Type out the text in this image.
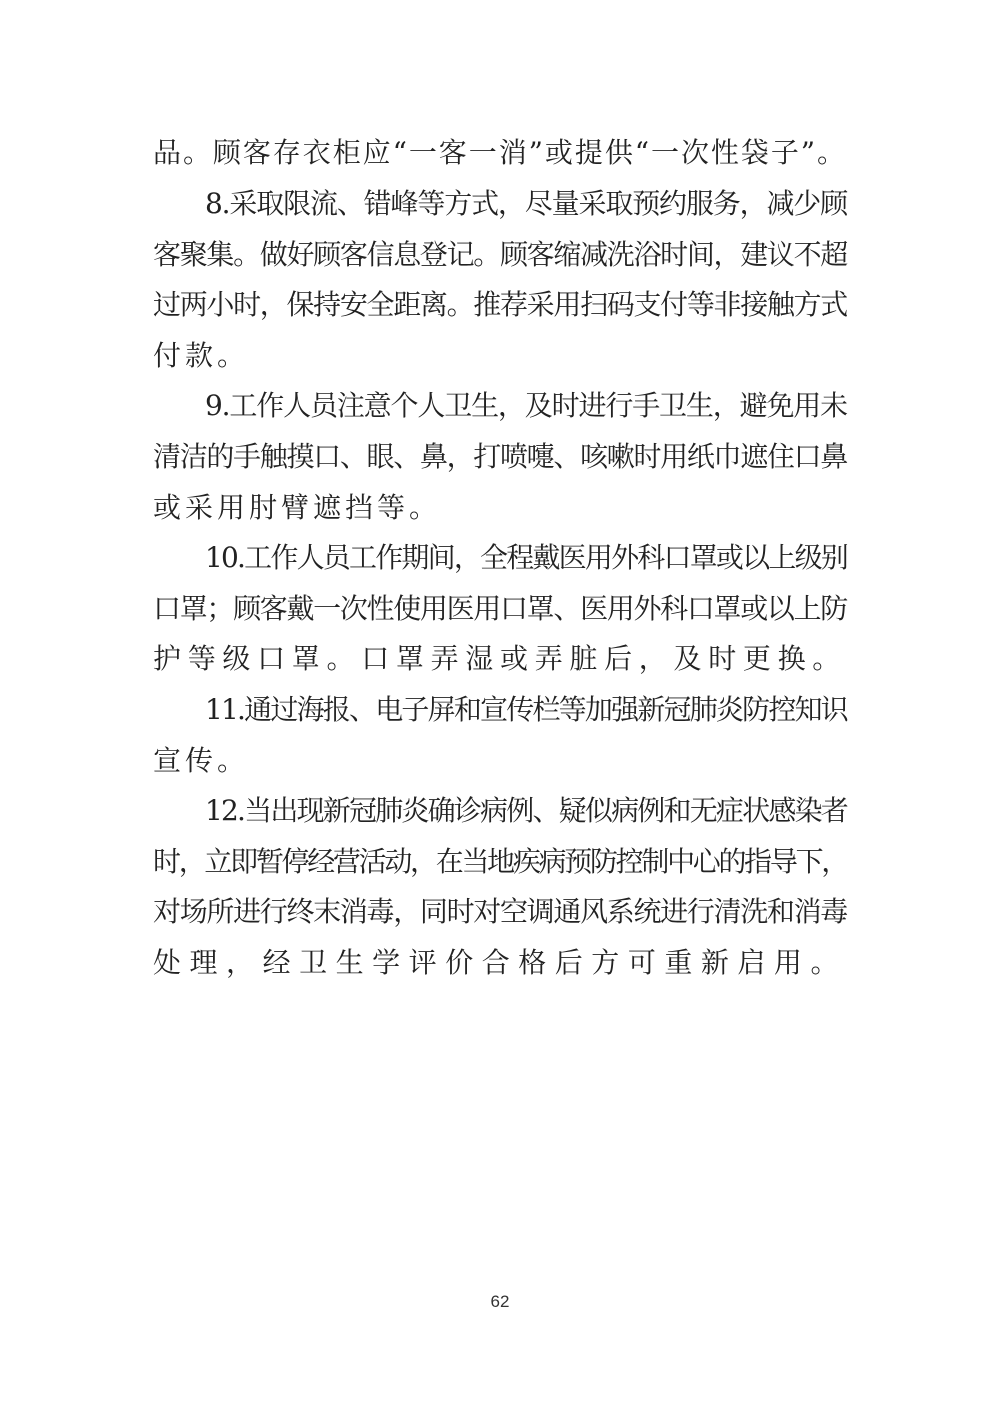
品。顾客存衣柜应“一客一消”或提供“一次性袋子”。
8.采取限流、错峰等方式，尽量采取预约服务，减少顾
客聚集。做好顾客信息登记。顾客缩减洗浴时间，建议不超
过两小时，保持安全距离。推荐采用扫码支付等非接触方式
付款。
9.工作人员注意个人卫生，及时进行手卫生，避免用未
清洁的手触摸口、眼、鼻，打喷嚏、咳嗽时用纸巾遮住口鼻
或采用肘臂遮挡等。
10.工作人员工作期间，全程戴医用外科口罩或以上级别
口罩；顾客戴一次性使用医用口罩、医用外科口罩或以上防
护等级口罩。口罩弄湿或弄脏后，及时更换。
11.通过海报、电子屏和宣传栏等加强新冠肺炎防控知识
宣传。
12.当出现新冠肺炎确诊病例、疑似病例和无症状感染者
时，立即暂停经营活动，在当地疾病预防控制中心的指导下，
对场所进行终末消毒，同时对空调通风系统进行清洗和消毒
处理，经卫生学评价合格后方可重新启用。
62
